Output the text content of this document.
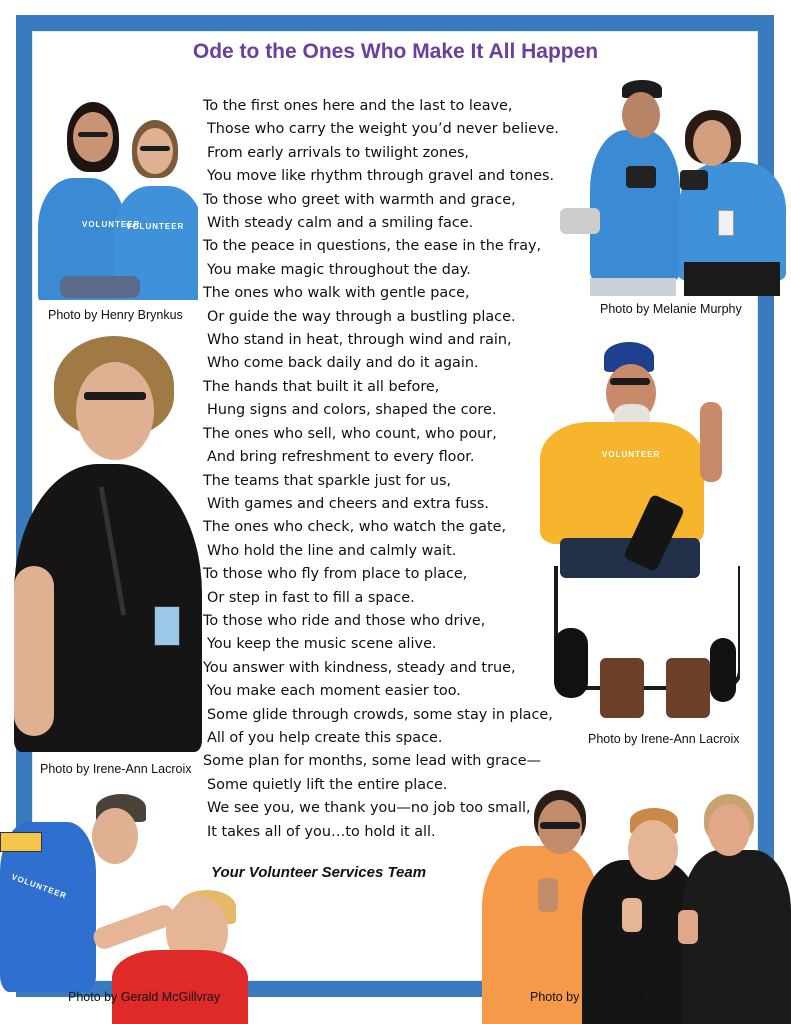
Ode to the Ones Who Make It All Happen
To the first ones here and the last to leave,
Those who carry the weight you’d never believe.
From early arrivals to twilight zones,
You move like rhythm through gravel and tones.
To those who greet with warmth and grace,
With steady calm and a smiling face.
To the peace in questions, the ease in the fray,
You make magic throughout the day.
The ones who walk with gentle pace,
Or guide the way through a bustling place.
Who stand in heat, through wind and rain,
Who come back daily and do it again.
The hands that built it all before,
Hung signs and colors, shaped the core.
The ones who sell, who count, who pour,
And bring refreshment to every floor.
The teams that sparkle just for us,
With games and cheers and extra fuss.
The ones who check, who watch the gate,
Who hold the line and calmly wait.
To those who fly from place to place,
Or step in fast to fill a space.
To those who ride and those who drive,
You keep the music scene alive.
You answer with kindness, steady and true,
You make each moment easier too.
Some glide through crowds, some stay in place,
All of you help create this space.
Some plan for months, some lead with grace—
Some quietly lift the entire place.
We see you, we thank you—no job too small,
It takes all of you…to hold it all.
Your Volunteer Services Team
VOLUNTEER
VOLUNTEER
Photo by Henry Brynkus	Photo by Melanie Murphy
Photo by Irene-Ann Lacroix
VOLUNTEER
Photo by Irene-Ann Lacroix
VOLUNTEER
Photo by Gerald McGillvray	Photo by Irene-Ann Lacroix
